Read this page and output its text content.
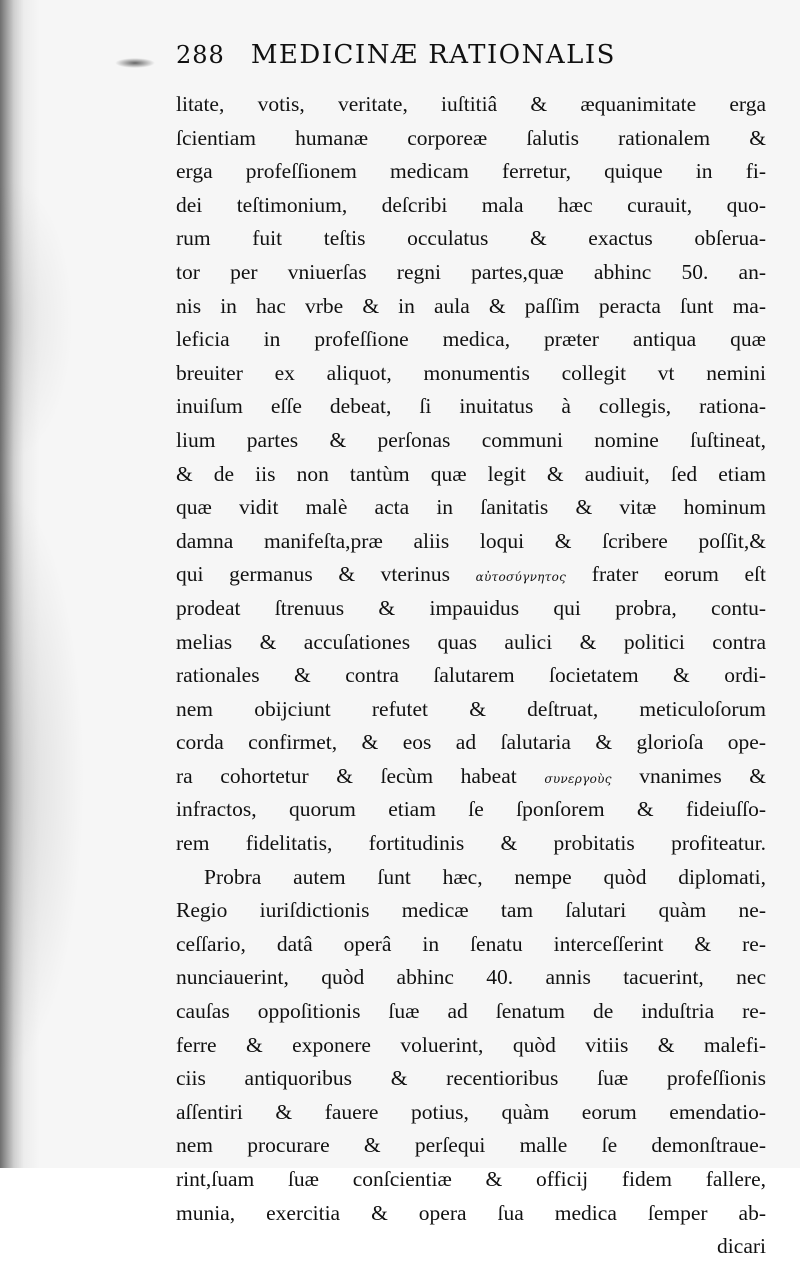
288 MEDICINÆ RATIONALIS
litate, votis, veritate, iuſtitiâ & æquanimitate erga
ſcientiam humanæ corporeæ ſalutis rationalem &
erga profeſſionem medicam ferretur, quique in fi-
dei teſtimonium, deſcribi mala hæc curauit, quo-
rum fuit teſtis occulatus & exactus obſerua-
tor per vniuerſas regni partes,quæ abhinc 50. an-
nis in hac vrbe & in aula & paſſim peracta ſunt ma-
leficia in profeſſione medica, præter antiqua quæ
breuiter ex aliquot, monumentis collegit vt nemini
inuiſum eſſe debeat, ſi inuitatus à collegis, rationa-
lium partes & perſonas communi nomine ſuſtineat,
& de iis non tantùm quæ legit & audiuit, ſed etiam
quæ vidit malè acta in ſanitatis & vitæ hominum
damna manifeſta,præ aliis loqui & ſcribere poſſit,&
qui germanus & vterinus αὐτοσύγνητος frater eorum eſt
prodeat ſtrenuus & impauidus qui probra, contu-
melias & accuſationes quas aulici & politici contra
rationales & contra ſalutarem ſocietatem & ordi-
nem obijciunt refutet & deſtruat, meticuloſorum
corda confirmet, & eos ad ſalutaria & glorioſa ope-
ra cohortetur & ſecùm habeat συνεργοὺς vnanimes &
infractos, quorum etiam ſe ſponſorem & fideiuſſo-
rem fidelitatis, fortitudinis & probitatis profiteatur.
Probra autem ſunt hæc, nempe quòd diplomati,
Regio iuriſdictionis medicæ tam ſalutari quàm ne-
ceſſario, datâ operâ in ſenatu interceſſerint & re-
nunciauerint, quòd abhinc 40. annis tacuerint, nec
cauſas oppoſitionis ſuæ ad ſenatum de induſtria re-
ferre & exponere voluerint, quòd vitiis & malefi-
ciis antiquoribus & recentioribus ſuæ profeſſionis
aſſentiri & fauere potius, quàm eorum emendatio-
nem procurare & perſequi malle ſe demonſtraue-
rint,ſuam ſuæ conſcientiæ & officij fidem fallere,
munia, exercitia & opera ſua medica ſemper ab-
dicari
